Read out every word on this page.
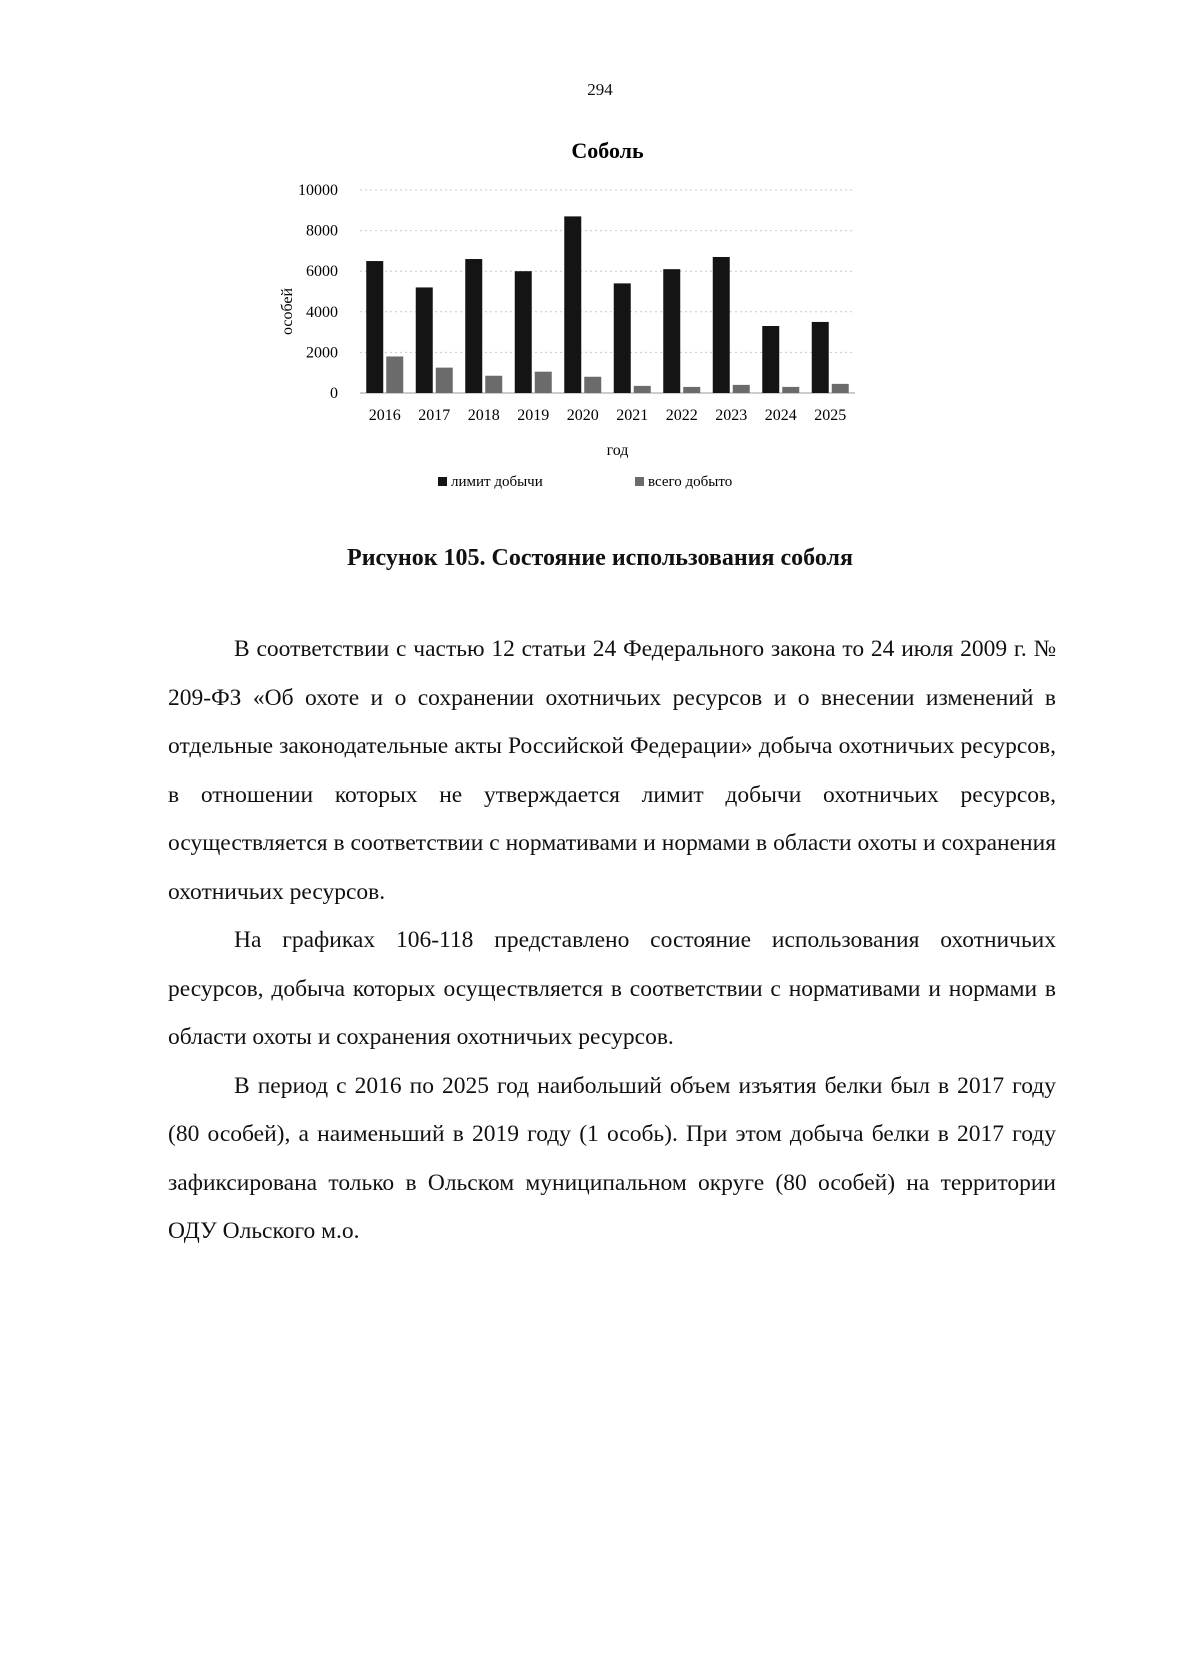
294
Соболь
0
2000
4000
6000
8000
10000
особей
2016 2017 2018 2019 2020 2021 2022 2023 2024 2025
год
лимит добычи	всего добыто
Рисунок 105. Состояние использования соболя

В соответствии с частью 12 статьи 24 Федерального закона то 24 июля 2009 г. № 209-ФЗ «Об охоте и о сохранении охотничьих ресурсов и о внесении изменений в отдельные законодательные акты Российской Федерации» добыча охотничьих ресурсов, в отношении которых не утверждается лимит добычи охотничьих ресурсов, осуществляется в соответствии с нормативами и нормами в области охоты и сохранения охотничьих ресурсов.

На графиках 106-118 представлено состояние использования охотничьих ресурсов, добыча которых осуществляется в соответствии с нормативами и нормами в области охоты и сохранения охотничьих ресурсов.

В период с 2016 по 2025 год наибольший объем изъятия белки был в 2017 году (80 особей), а наименьший в 2019 году (1 особь). При этом добыча белки в 2017 году зафиксирована только в Ольском муниципальном округе (80 особей) на территории ОДУ Ольского м.о.
